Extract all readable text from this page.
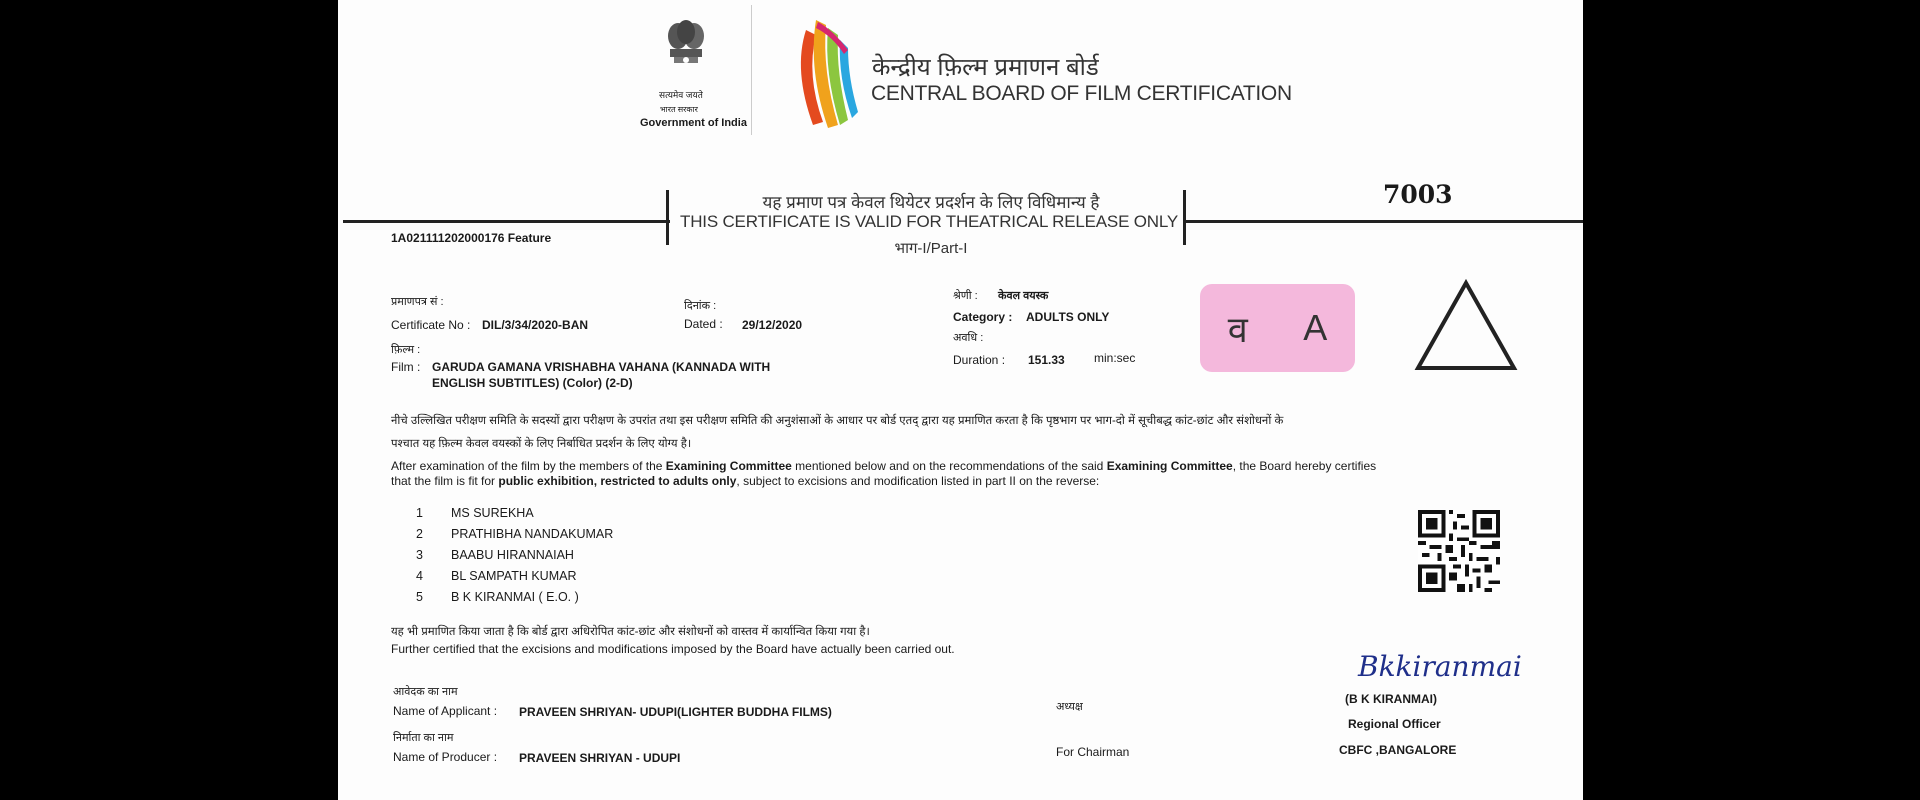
सत्यमेव जयते
भारत सरकार
Government of India
केन्द्रीय फ़िल्म प्रमाणन बोर्ड
CENTRAL BOARD OF FILM CERTIFICATION
7003
यह प्रमाण पत्र केवल थियेटर प्रदर्शन के लिए विधिमान्य है
THIS CERTIFICATE IS VALID FOR THEATRICAL RELEASE ONLY
भाग-I/Part-I
1A021111202000176 Feature
प्रमाणपत्र सं :
Certificate No : DIL/3/34/2020-BAN
दिनांक :
Dated : 29/12/2020
श्रेणी : केवल वयस्क
Category : ADULTS ONLY
अवधि :
Duration : 151.33 min:sec
फ़िल्म :
Film : GARUDA GAMANA VRISHABHA VAHANA (KANNADA WITH
ENGLISH SUBTITLES) (Color) (2-D)
व A
नीचे उल्लिखित परीक्षण समिति के सदस्यों द्वारा परीक्षण के उपरांत तथा इस परीक्षण समिति की अनुशंसाओं के आधार पर बोर्ड एतद् द्वारा यह प्रमाणित करता है कि पृष्ठभाग पर भाग-दो में सूचीबद्ध कांट-छांट और संशोधनों के
पश्चात यह फ़िल्म केवल वयस्कों के लिए निर्बाधित प्रदर्शन के लिए योग्य है।
After examination of the film by the members of the Examining Committee mentioned below and on the recommendations of the said Examining Committee, the Board hereby certifies
that the film is fit for public exhibition, restricted to adults only, subject to excisions and modification listed in part II on the reverse:
1 MS SUREKHA
2 PRATHIBHA NANDAKUMAR
3 BAABU HIRANNAIAH
4 BL SAMPATH KUMAR
5 B K KIRANMAI ( E.O. )
यह भी प्रमाणित किया जाता है कि बोर्ड द्वारा अधिरोपित कांट-छांट और संशोधनों को वास्तव में कार्यान्वित किया गया है।
Further certified that the excisions and modifications imposed by the Board have actually been carried out.
आवेदक का नाम
Name of Applicant : PRAVEEN SHRIYAN- UDUPI(LIGHTER BUDDHA FILMS)
निर्माता का नाम
Name of Producer : PRAVEEN SHRIYAN - UDUPI
अध्यक्ष
For Chairman
Bkkiranmai
(B K KIRANMAI)
Regional Officer
CBFC ,BANGALORE
